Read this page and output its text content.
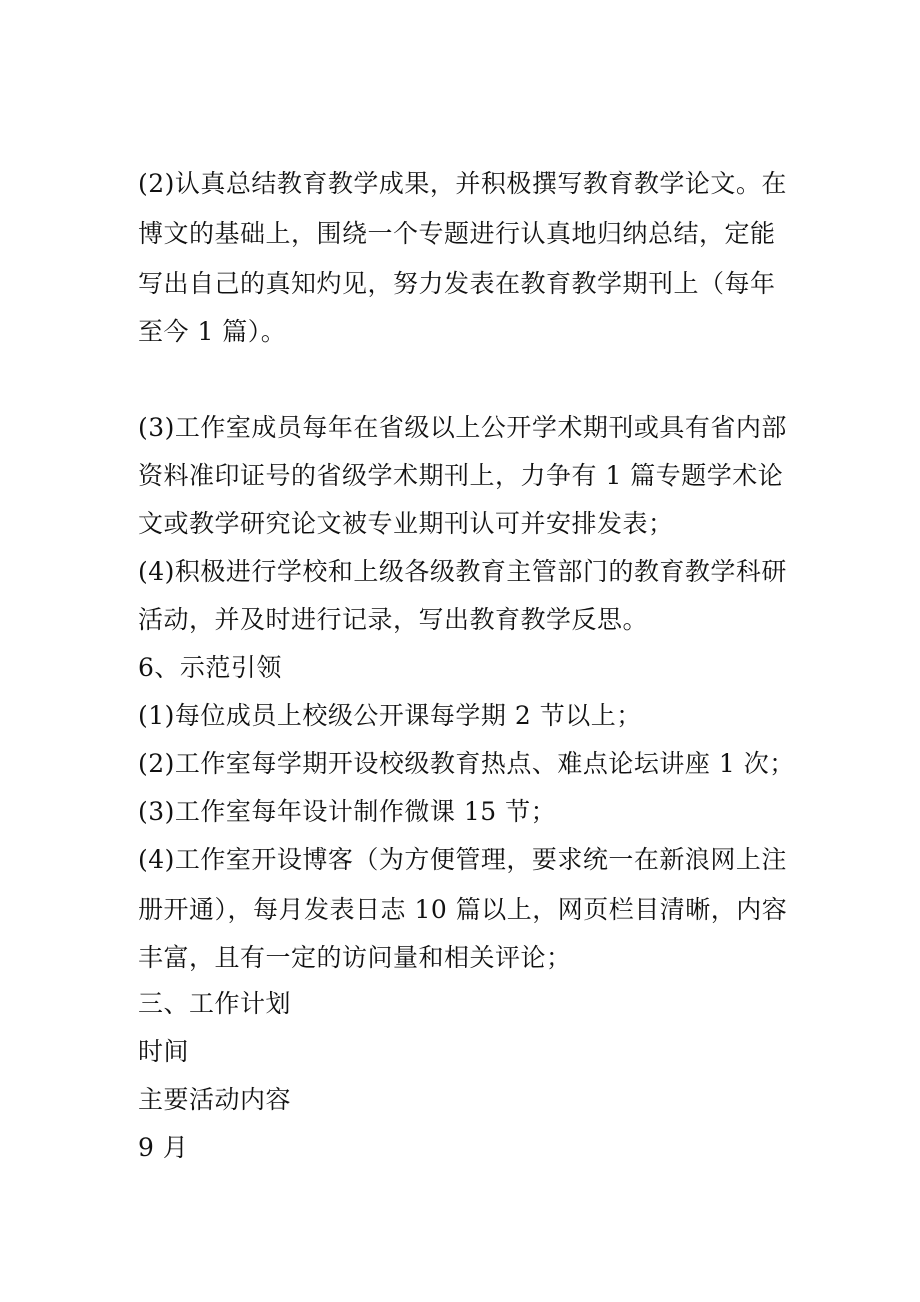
(2)认真总结教育教学成果，并积极撰写教育教学论文。在
博文的基础上，围绕一个专题进行认真地归纳总结，定能
写出自己的真知灼见，努力发表在教育教学期刊上（每年
至今 1 篇）。
(3)工作室成员每年在省级以上公开学术期刊或具有省内部
资料准印证号的省级学术期刊上，力争有 1 篇专题学术论
文或教学研究论文被专业期刊认可并安排发表；
(4)积极进行学校和上级各级教育主管部门的教育教学科研
活动，并及时进行记录，写出教育教学反思。
6、示范引领
(1)每位成员上校级公开课每学期 2 节以上；
(2)工作室每学期开设校级教育热点、难点论坛讲座 1 次；
(3)工作室每年设计制作微课 15 节；
(4)工作室开设博客（为方便管理，要求统一在新浪网上注
册开通），每月发表日志 10 篇以上，网页栏目清晰，内容
丰富，且有一定的访问量和相关评论；
三、工作计划
时间
主要活动内容
9 月
